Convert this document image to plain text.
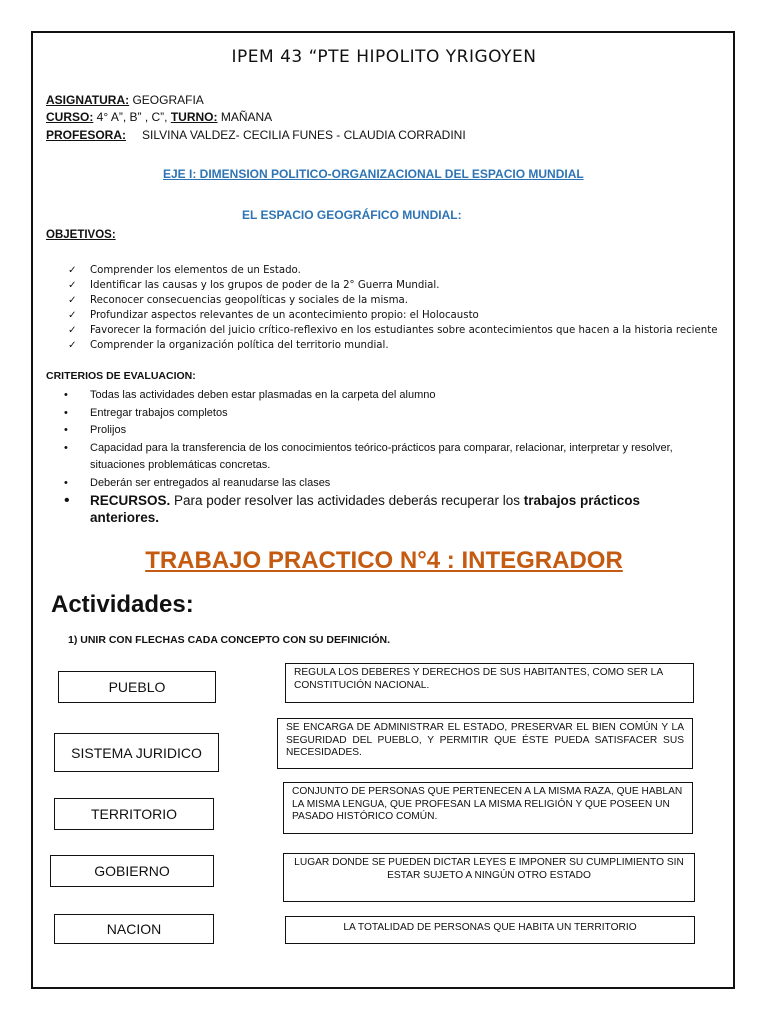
IPEM 43 “PTE HIPOLITO YRIGOYEN
ASIGNATURA: GEOGRAFIA
CURSO: 4° A”, B” , C”, TURNO: MAÑANA
PROFESORA: SILVINA VALDEZ- CECILIA FUNES - CLAUDIA CORRADINI
EJE I: DIMENSION POLITICO-ORGANIZACIONAL DEL ESPACIO MUNDIAL
EL ESPACIO GEOGRÁFICO MUNDIAL:
OBJETIVOS:
✓	Comprender los elementos de un Estado.
✓	Identificar las causas y los grupos de poder de la 2° Guerra Mundial.
✓	Reconocer consecuencias geopolíticas y sociales de la misma.
✓	Profundizar aspectos relevantes de un acontecimiento propio: el Holocausto
✓	Favorecer la formación del juicio crítico-reflexivo en los estudiantes sobre acontecimientos que hacen a la historia reciente
✓	Comprender la organización política del territorio mundial.
CRITERIOS DE EVALUACION:
•	Todas las actividades deben estar plasmadas en la carpeta del alumno
•	Entregar trabajos completos
•	Prolijos
•	Capacidad para la transferencia de los conocimientos teórico-prácticos para comparar, relacionar, interpretar y resolver, situaciones problemáticas concretas.
•	Deberán ser entregados al reanudarse las clases
•	RECURSOS. Para poder resolver las actividades deberás recuperar los trabajos prácticos anteriores.
TRABAJO PRACTICO N°4 : INTEGRADOR
Actividades:
1) UNIR CON FLECHAS CADA CONCEPTO CON SU DEFINICIÓN.
PUEBLO
SISTEMA JURIDICO
TERRITORIO
GOBIERNO
NACION
REGULA LOS DEBERES Y DERECHOS DE SUS HABITANTES, COMO SER LA CONSTITUCIÓN NACIONAL.
SE ENCARGA DE ADMINISTRAR EL ESTADO, PRESERVAR EL BIEN COMÚN Y LA SEGURIDAD DEL PUEBLO, Y PERMITIR QUE ÉSTE PUEDA SATISFACER SUS NECESIDADES.
CONJUNTO DE PERSONAS QUE PERTENECEN A LA MISMA RAZA, QUE HABLAN LA MISMA LENGUA, QUE PROFESAN LA MISMA RELIGIÓN Y QUE POSEEN UN PASADO HISTÓRICO COMÚN.
LUGAR DONDE SE PUEDEN DICTAR LEYES E IMPONER SU CUMPLIMIENTO SIN ESTAR SUJETO A NINGÚN OTRO ESTADO
LA TOTALIDAD DE PERSONAS QUE HABITA UN TERRITORIO
